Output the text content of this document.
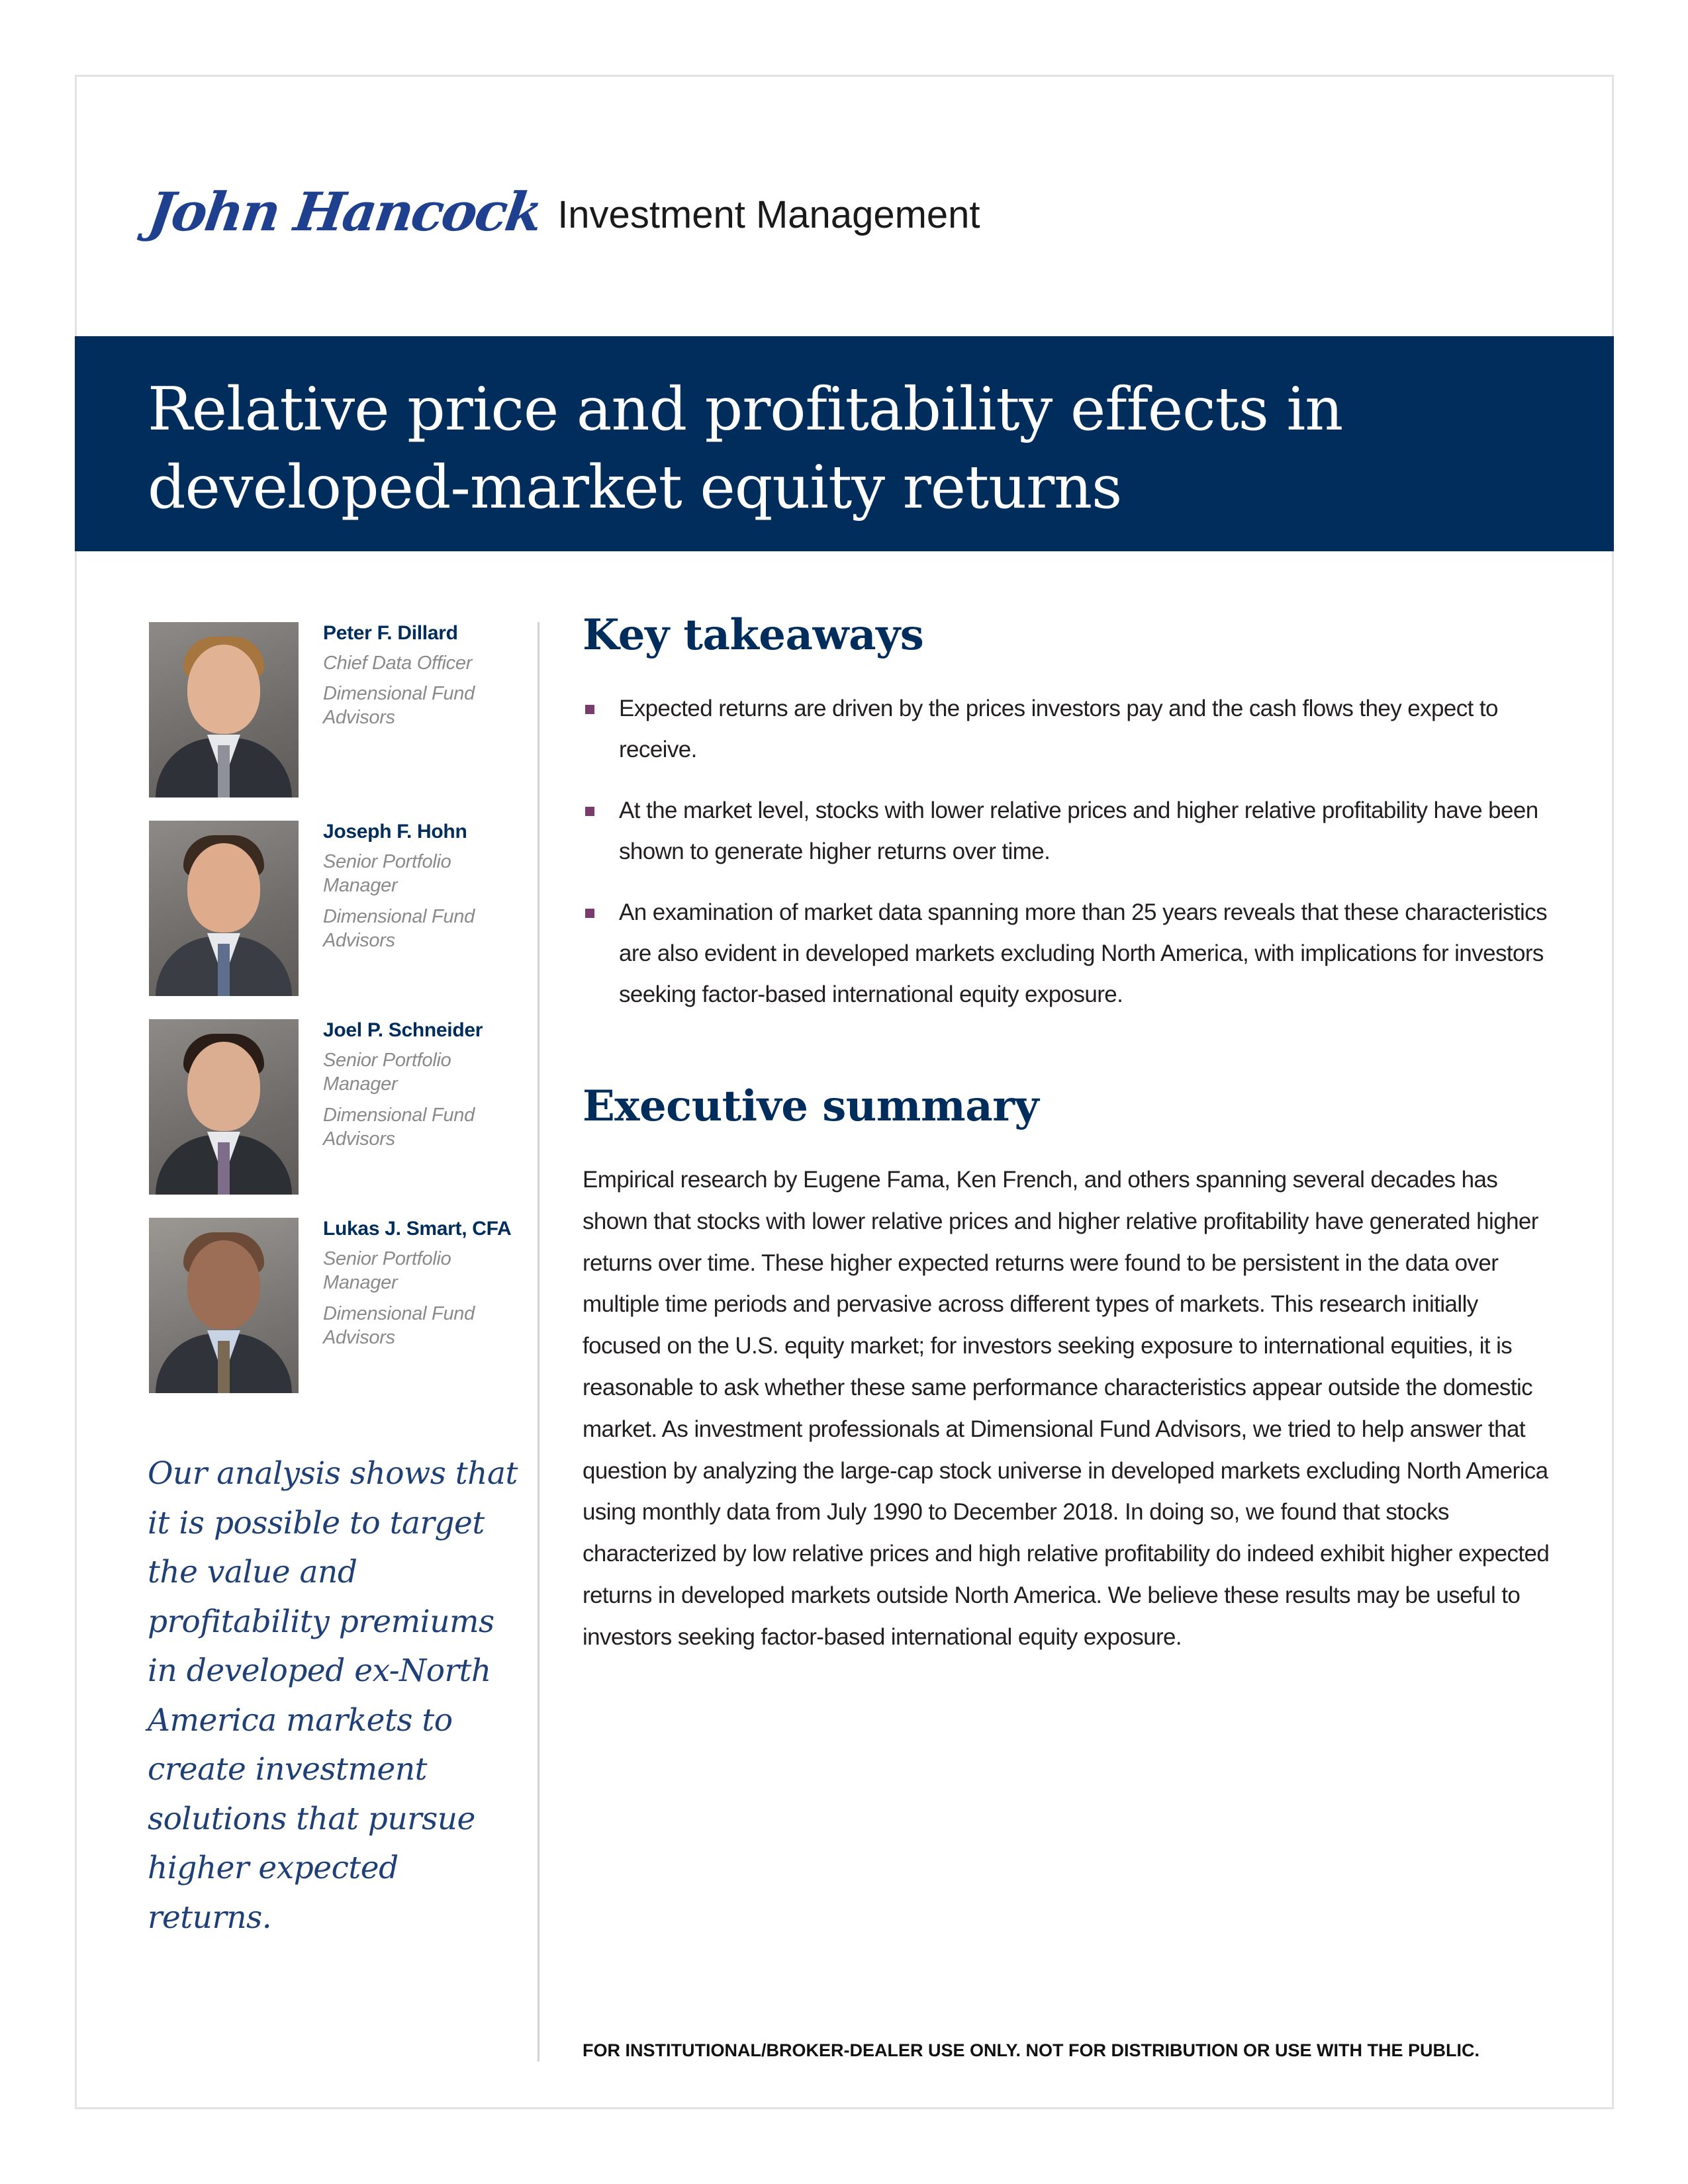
John Hancock Investment Management
Relative price and profitability effects in
developed-market equity returns
Peter F. Dillard
Chief Data Officer
Dimensional Fund Advisors
Joseph F. Hohn
Senior Portfolio Manager
Dimensional Fund Advisors
Joel P. Schneider
Senior Portfolio Manager
Dimensional Fund Advisors
Lukas J. Smart, CFA
Senior Portfolio Manager
Dimensional Fund Advisors

Our analysis shows that it is possible to target the value and profitability premiums in developed ex-North America markets to create investment solutions that pursue higher expected returns.

Key takeaways
Expected returns are driven by the prices investors pay and the cash flows they expect to receive.
At the market level, stocks with lower relative prices and higher relative profitability have been shown to generate higher returns over time.
An examination of market data spanning more than 25 years reveals that these characteristics are also evident in developed markets excluding North America, with implications for investors seeking factor-based international equity exposure.
Executive summary

Empirical research by Eugene Fama, Ken French, and others spanning several decades has shown that stocks with lower relative prices and higher relative profitability have generated higher returns over time. These higher expected returns were found to be persistent in the data over multiple time periods and pervasive across different types of markets. This research initially focused on the U.S. equity market; for investors seeking exposure to international equities, it is reasonable to ask whether these same performance characteristics appear outside the domestic market. As investment professionals at Dimensional Fund Advisors, we tried to help answer that question by analyzing the large-cap stock universe in developed markets excluding North America using monthly data from July 1990 to December 2018. In doing so, we found that stocks characterized by low relative prices and high relative profitability do indeed exhibit higher expected returns in developed markets outside North America. We believe these results may be useful to investors seeking factor-based international equity exposure.

FOR INSTITUTIONAL/BROKER-DEALER USE ONLY. NOT FOR DISTRIBUTION OR USE WITH THE PUBLIC.
